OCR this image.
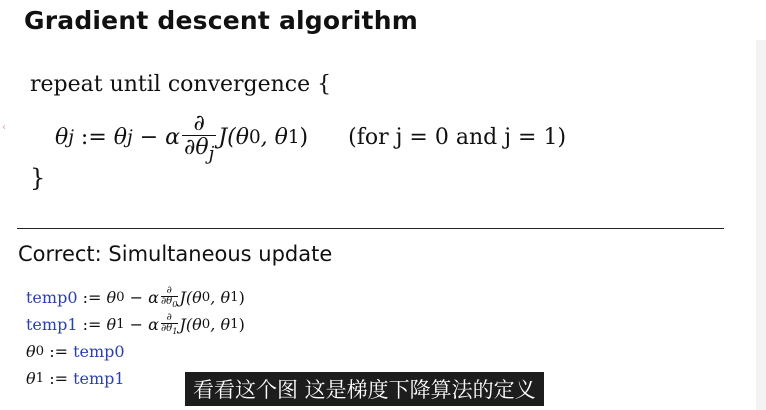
‹
Gradient descent algorithm
repeat until convergence {
θ j := θ j − α $\frac{\partial}{\partial\theta_j} J(\theta$ 0 , θ 1 ) (for j = 0 and j = 1)
}
Correct: Simultaneous update
temp0 := θ 0 − α ∂
$\partial\theta_0$ J(θ 0 , θ 1 )
temp1 := θ 1 − α ∂
$\partial\theta_1$ J(θ 0 , θ 1 )
θ 0 := temp0
θ 1 := temp1	看看这个图 这是梯度下降算法的定义
